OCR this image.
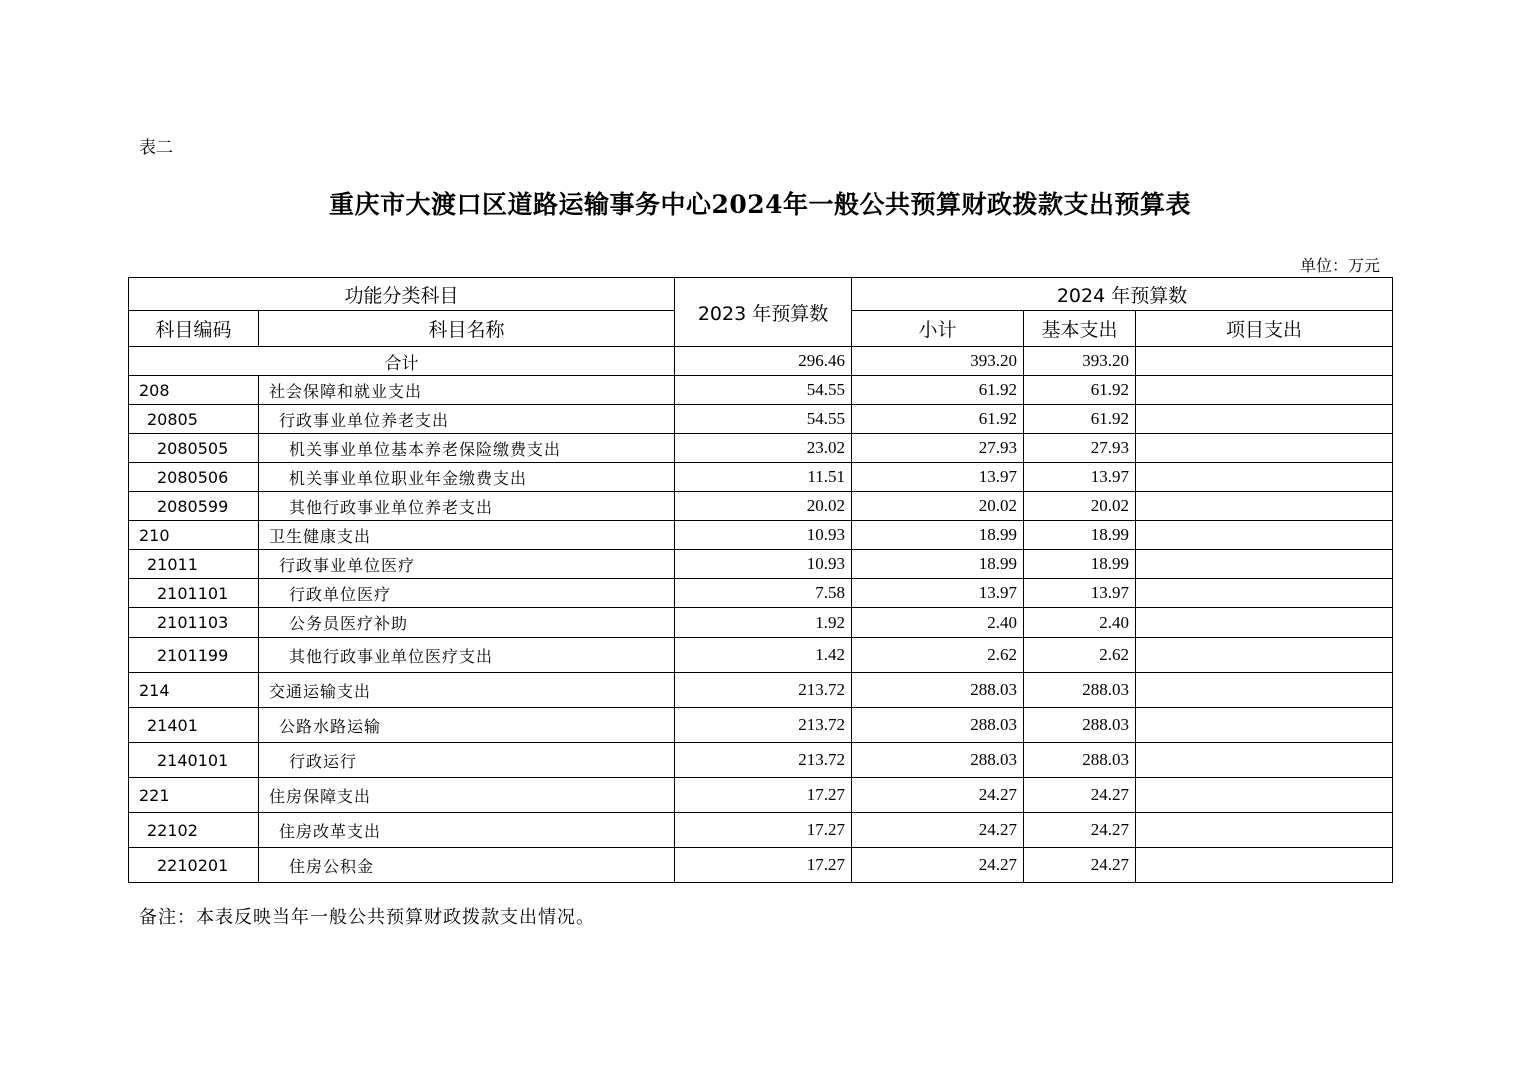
表二
重庆市大渡口区道路运输事务中心2024年一般公共预算财政拨款支出预算表
单位：万元
功能分类科目		2023 年预算数	2024 年预算数		
科目编码	科目名称		小计	基本支出	项目支出
合计		296.46	393.20	393.20	
208	社会保障和就业支出	54.55	61.92	61.92	
20805	行政事业单位养老支出	54.55	61.92	61.92	
2080505	机关事业单位基本养老保险缴费支出	23.02	27.93	27.93	
2080506	机关事业单位职业年金缴费支出	11.51	13.97	13.97	
2080599	其他行政事业单位养老支出	20.02	20.02	20.02	
210	卫生健康支出	10.93	18.99	18.99	
21011	行政事业单位医疗	10.93	18.99	18.99	
2101101	行政单位医疗	7.58	13.97	13.97	
2101103	公务员医疗补助	1.92	2.40	2.40	
2101199	其他行政事业单位医疗支出	1.42	2.62	2.62	
214	交通运输支出	213.72	288.03	288.03	
21401	公路水路运输	213.72	288.03	288.03	
2140101	行政运行	213.72	288.03	288.03	
221	住房保障支出	17.27	24.27	24.27	
22102	住房改革支出	17.27	24.27	24.27	
2210201	住房公积金	17.27	24.27	24.27	
备注：本表反映当年一般公共预算财政拨款支出情况。
